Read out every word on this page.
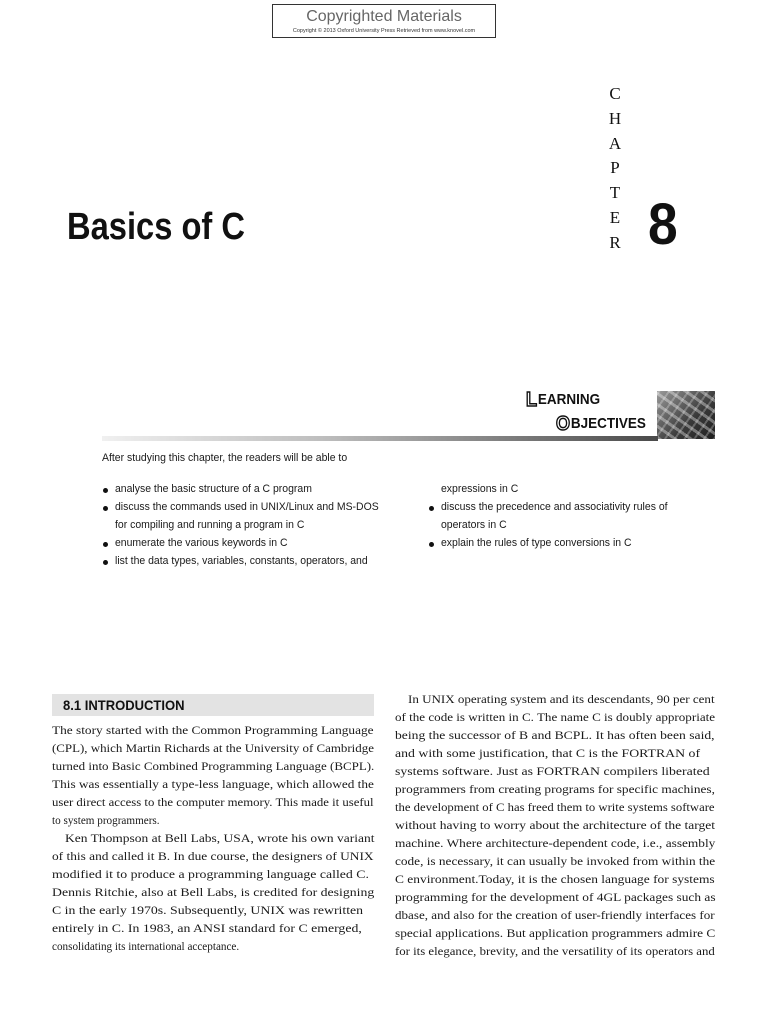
Copyrighted Materials
Copyright © 2013 Oxford University Press Retrieved from www.knovel.com
C
H
A
P
T
E
R 8
Basics of C
LEARNING
OBJECTIVES
After studying this chapter, the readers will be able to
analyse the basic structure of a C program
discuss the commands used in UNIX/Linux and MS-DOS
for compiling and running a program in C
enumerate the various keywords in C
list the data types, variables, constants, operators, and
expressions in C
discuss the precedence and associativity rules of
operators in C
explain the rules of type conversions in C
8.1 INTRODUCTION
The story started with the Common Programming Language
(CPL), which Martin Richards at the University of Cambridge
turned into Basic Combined Programming Language (BCPL).
This was essentially a type-less language, which allowed the
user direct access to the computer memory. This made it useful
to system programmers.
Ken Thompson at Bell Labs, USA, wrote his own variant
of this and called it B. In due course, the designers of UNIX
modified it to produce a programming language called C.
Dennis Ritchie, also at Bell Labs, is credited for designing
C in the early 1970s. Subsequently, UNIX was rewritten
entirely in C. In 1983, an ANSI standard for C emerged,
consolidating its international acceptance.
In UNIX operating system and its descendants, 90 per cent
of the code is written in C. The name C is doubly appropriate
being the successor of B and BCPL. It has often been said,
and with some justification, that C is the FORTRAN of
systems software. Just as FORTRAN compilers liberated
programmers from creating programs for specific machines,
the development of C has freed them to write systems software
without having to worry about the architecture of the target
machine. Where architecture-dependent code, i.e., assembly
code, is necessary, it can usually be invoked from within the
C environment.Today, it is the chosen language for systems
programming for the development of 4GL packages such as
dbase, and also for the creation of user-friendly interfaces for
special applications. But application programmers admire C
for its elegance, brevity, and the versatility of its operators and
